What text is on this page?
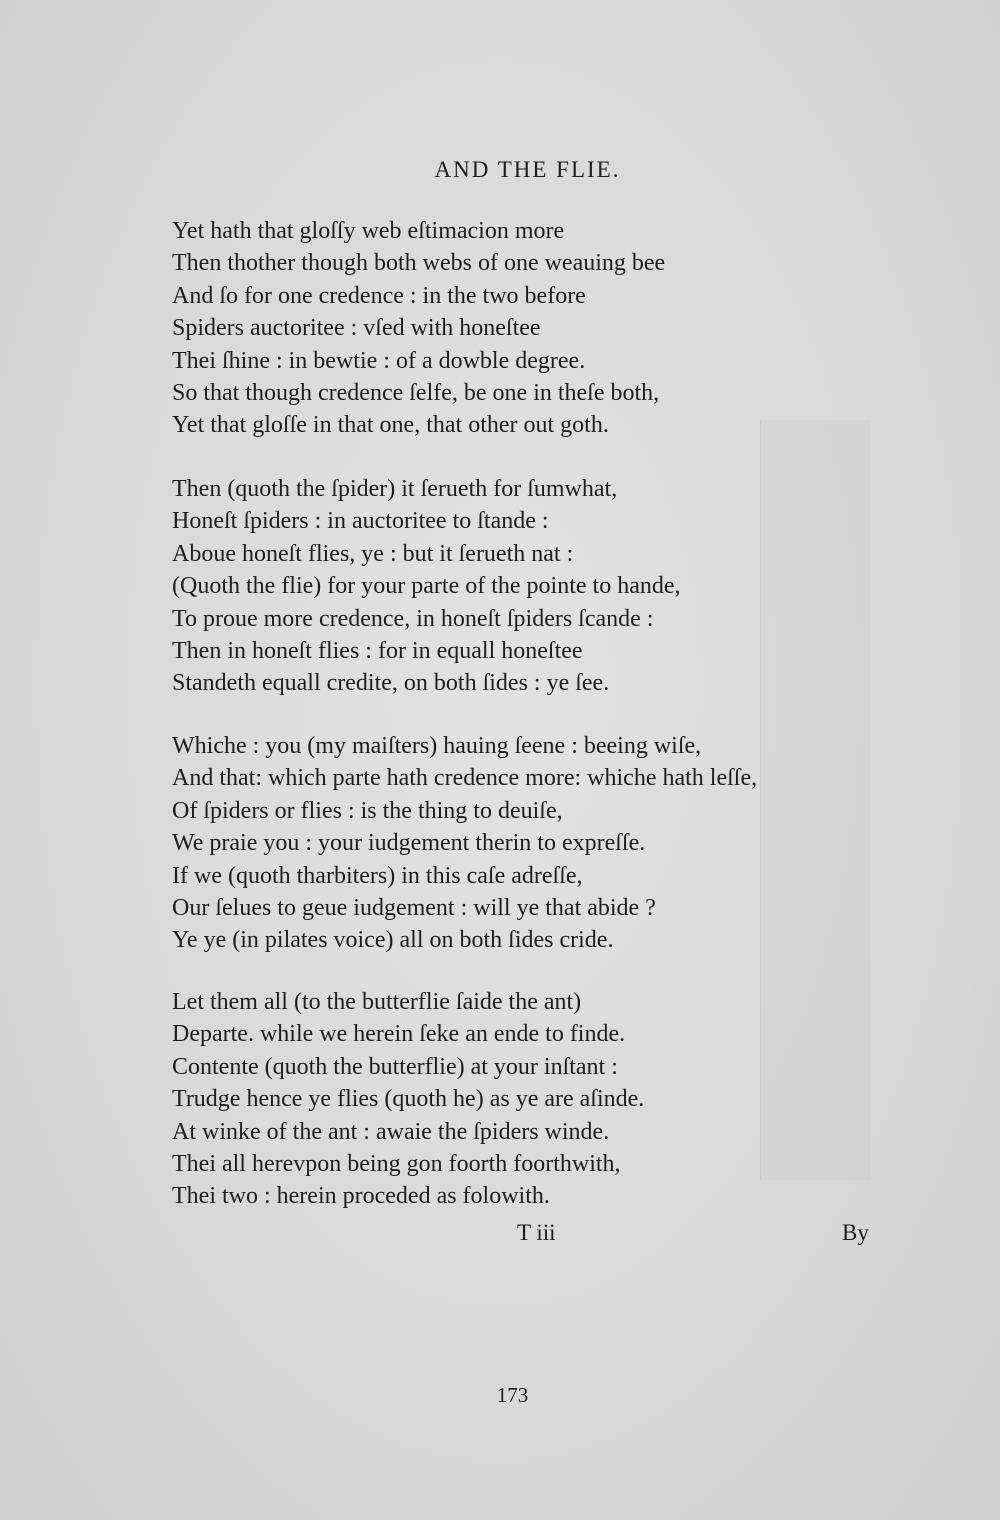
AND THE FLIE.
Yet hath that gloſſy web eſtimacion more
Then thother though both webs of one weauing bee
And ſo for one credence : in the two before
Spiders auctoritee : vſed with honeſtee
Thei ſhine : in bewtie : of a dowble degree.
So that though credence ſelfe, be one in theſe both,
Yet that gloſſe in that one, that other out goth.
Then (quoth the ſpider) it ſerueth for ſumwhat,
Honeſt ſpiders : in auctoritee to ſtande :
Aboue honeſt flies, ye : but it ſerueth nat :
(Quoth the flie) for your parte of the pointe to hande,
To proue more credence, in honeſt ſpiders ſcande :
Then in honeſt flies : for in equall honeſtee
Standeth equall credite, on both ſides : ye ſee.
Whiche : you (my maiſters) hauing ſeene : beeing wiſe,
And that: which parte hath credence more: whiche hath leſſe,
Of ſpiders or flies : is the thing to deuiſe,
We praie you : your iudgement therin to expreſſe.
If we (quoth tharbiters) in this caſe adreſſe,
Our ſelues to geue iudgement : will ye that abide ?
Ye ye (in pilates voice) all on both ſides cride.
Let them all (to the butterflie ſaide the ant)
Departe. while we herein ſeke an ende to finde.
Contente (quoth the butterflie) at your inſtant :
Trudge hence ye flies (quoth he) as ye are aſinde.
At winke of the ant : awaie the ſpiders winde.
Thei all herevpon being gon foorth foorthwith,
Thei two : herein proceded as folowith.
T iii	By
173
